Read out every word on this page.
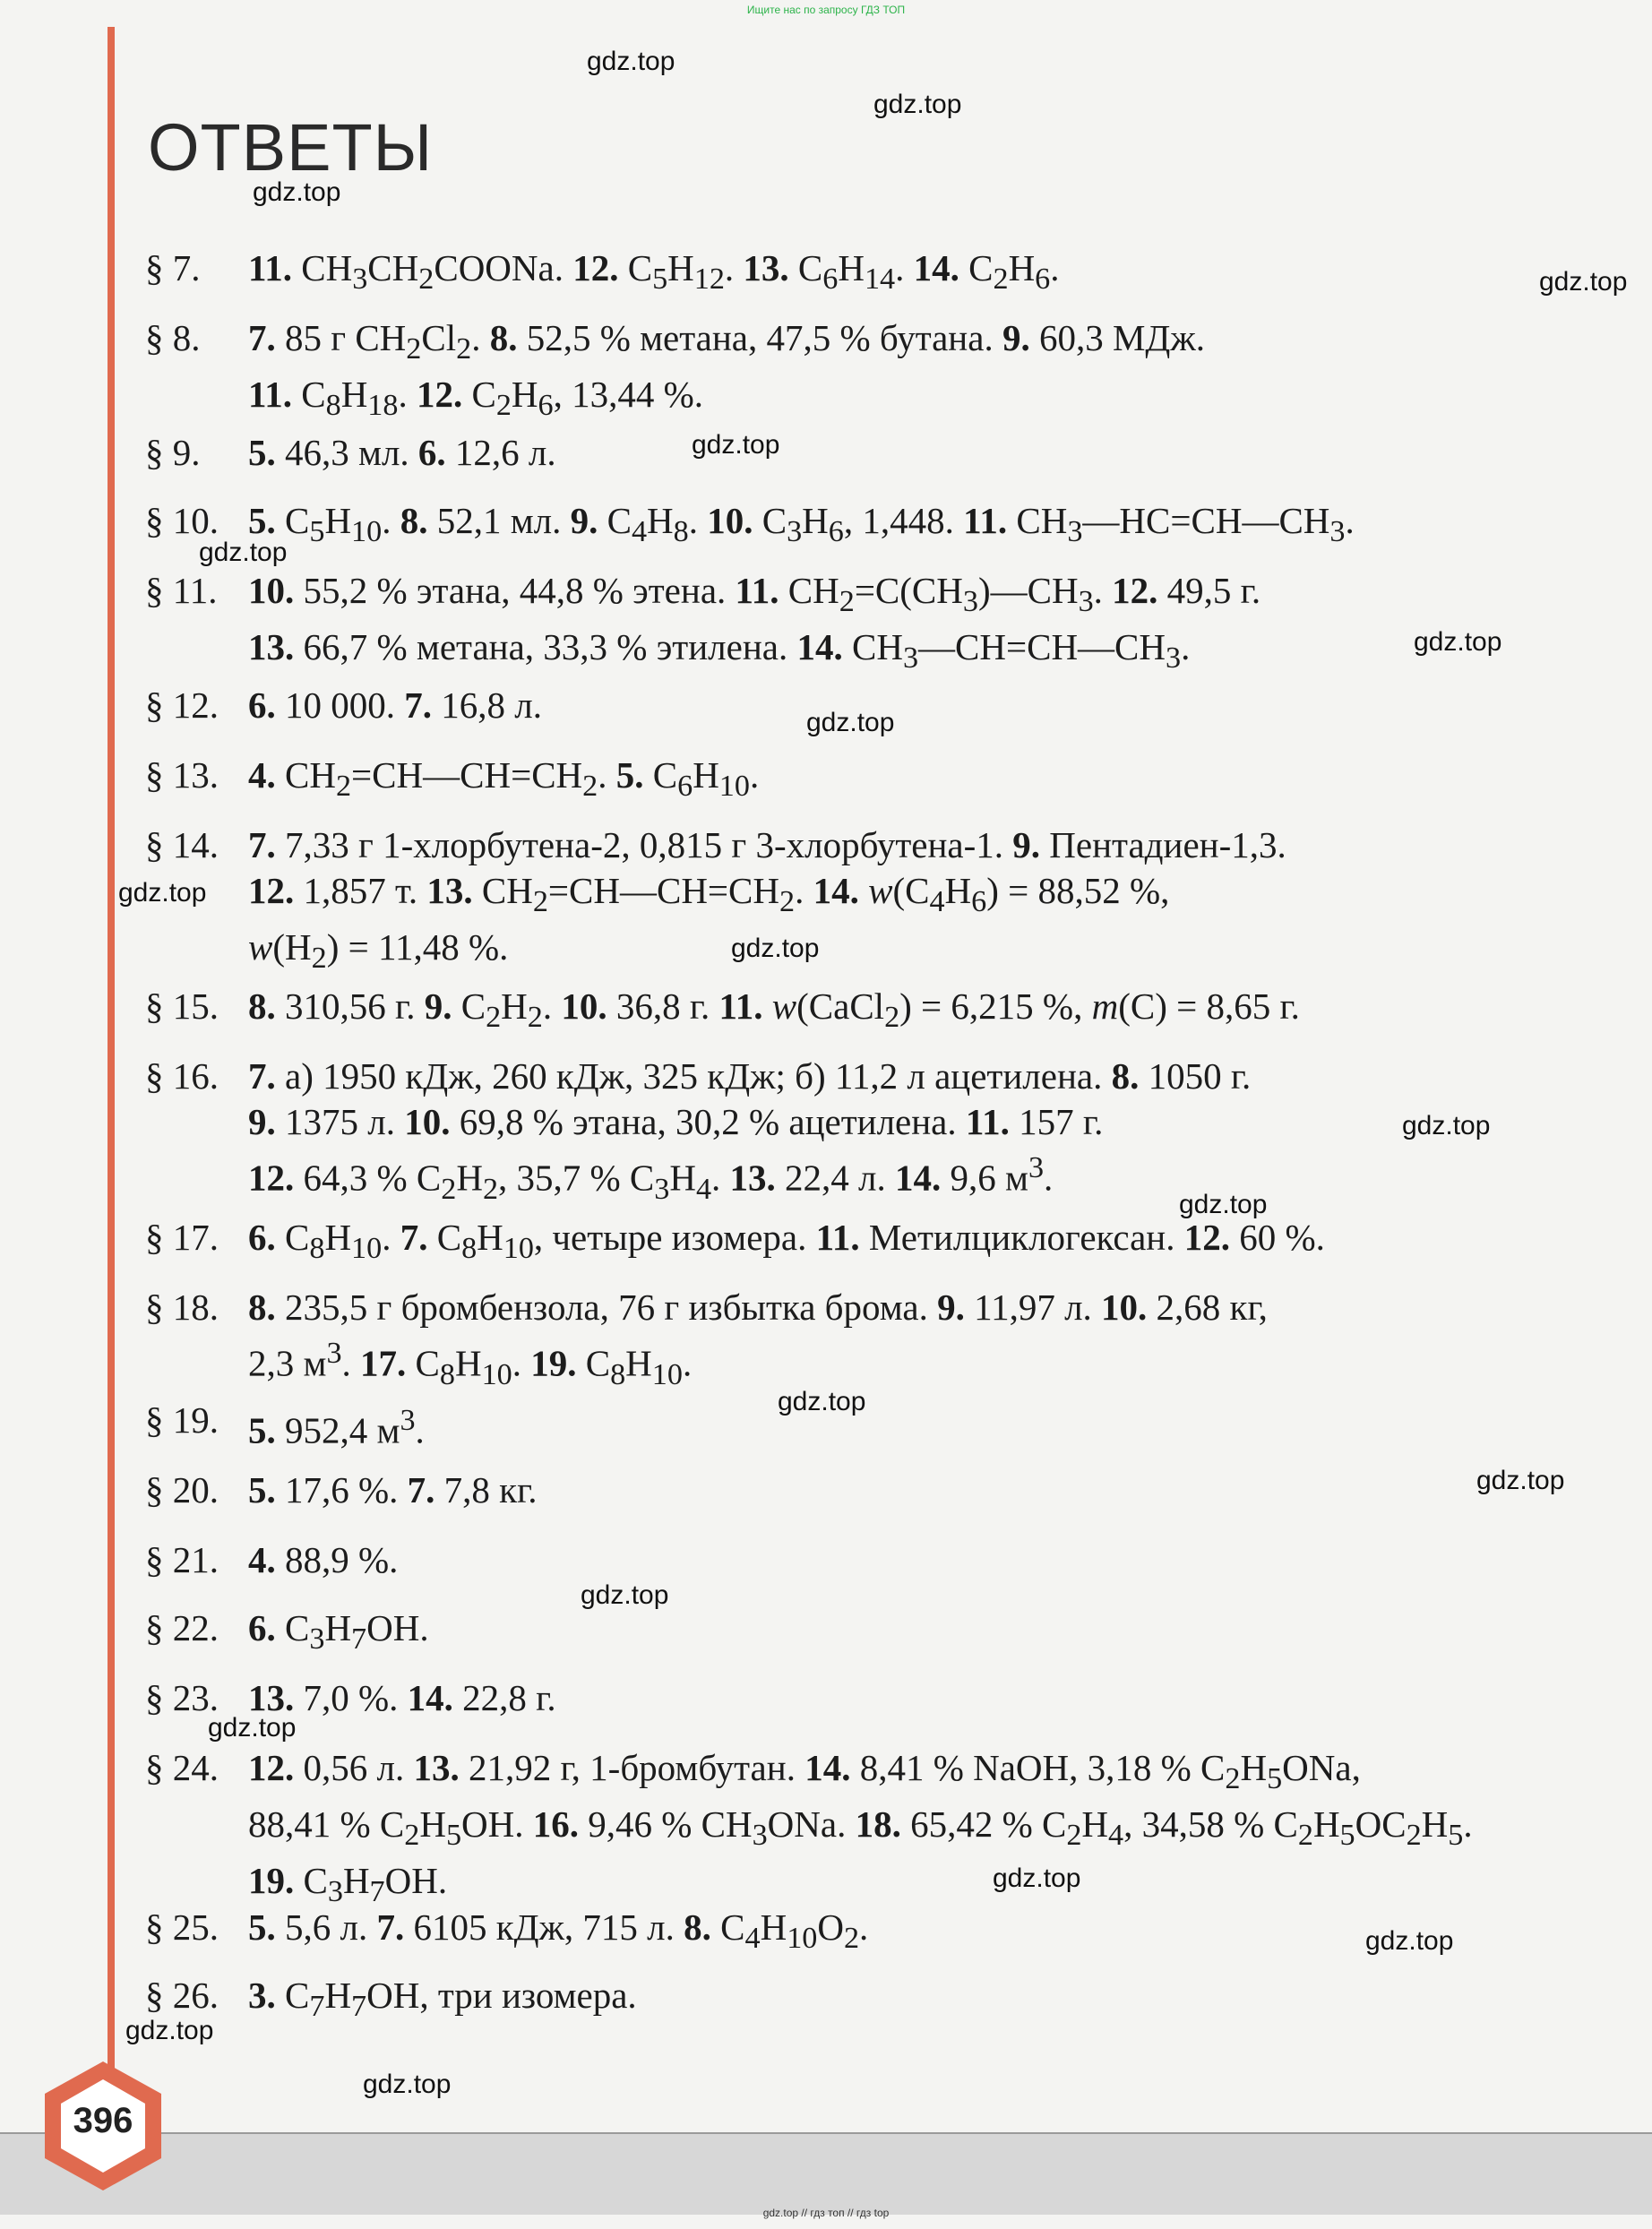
Ищите нас по запросу ГДЗ ТОП
ОТВЕТЫ
gdz.top
gdz.top
gdz.top
gdz.top
gdz.top
gdz.top
gdz.top
gdz.top
gdz.top
gdz.top
gdz.top
gdz.top
gdz.top
gdz.top
gdz.top
gdz.top
gdz.top
gdz.top
gdz.top
gdz.top
§ 7.	11. $CH_3CH_2COONa$. 12. $C_5H_{12}$. 13. $C_6H_{14}$. 14. $C_2H_6$.
§ 8.	7. 85 г $CH_2Cl_2$. 8. 52,5 % метана, 47,5 % бутана. 9. 60,3 МДж.
11. $C_8H_{18}$. 12. $C_2H_6$, 13,44 %.
§ 9.	5. 46,3 мл. 6. 12,6 л.
§ 10. 5. $C_5H_{10}$. 8. 52,1 мл. 9. $C_4H_8$. 10. $C_3H_6$, 1,448. 11. $CH_3—HC=CH—CH_3$.
§ 11. 10. 55,2 % этана, 44,8 % этена. 11. $CH_2=C(CH_3)—CH_3$. 12. 49,5 г.
13. 66,7 % метана, 33,3 % этилена. 14. $CH_3—CH=CH—CH_3$.
§ 12. 6. 10 000. 7. 16,8 л.
§ 13. 4. $CH_2=CH—CH=CH_2$. 5. $C_6H_{10}$.
§ 14. 7. 7,33 г 1-хлорбутена-2, 0,815 г 3-хлорбутена-1. 9. Пентадиен-1,3.
12. 1,857 т. 13. $CH_2=CH—CH=CH_2$. 14. $w(C_4H_6) = 88,52$ %,
$w(H_2) = 11,48$ %.
§ 15. 8. 310,56 г. 9. $C_2H_2$. 10. 36,8 г. 11. w(CaCl$_2$) = 6,215 %, m(C) = 8,65 г.
§ 16. 7. а) 1950 кДж, 260 кДж, 325 кДж; б) 11,2 л ацетилена. 8. 1050 г.
9. 1375 л. 10. 69,8 % этана, 30,2 % ацетилена. 11. 157 г.
12. 64,3 % $C_2H_2$, 35,7 % $C_3H_4$. 13. 22,4 л. 14. 9,6 $м^3$.
§ 17. 6. $C_8H_{10}$. 7. $C_8H_{10}$, четыре изомера. 11. Метилциклогексан. 12. 60 %.
§ 18. 8. 235,5 г бромбензола, 76 г избытка брома. 9. 11,97 л. 10. 2,68 кг,
2,3 $м^3$. 17. $C_8H_{10}$. 19. $C_8H_{10}$.
§ 19. 5. 952,4 $м^3$.
§ 20. 5. 17,6 %. 7. 7,8 кг.
§ 21. 4. 88,9 %.
§ 22. 6. $C_3H_7OH$.
§ 23. 13. 7,0 %. 14. 22,8 г.
§ 24. 12. 0,56 л. 13. 21,92 г, 1-бромбутан. 14. 8,41 % NaOH, 3,18 % $C_2H_5ONa$,
88,41 % $C_2H_5OH$. 16. 9,46 % $CH_3ONa$. 18. 65,42 % $C_2H_4$, 34,58 % $C_2H_5OC_2H_5$.
19. $C_3H_7OH$.
§ 25. 5. 5,6 л. 7. 6105 кДж, 715 л. 8. $C_4H_{10}O_2$.
§ 26. 3. $C_7H_7OH$, три изомера.
396
gdz.top // гдз топ // гдз top
